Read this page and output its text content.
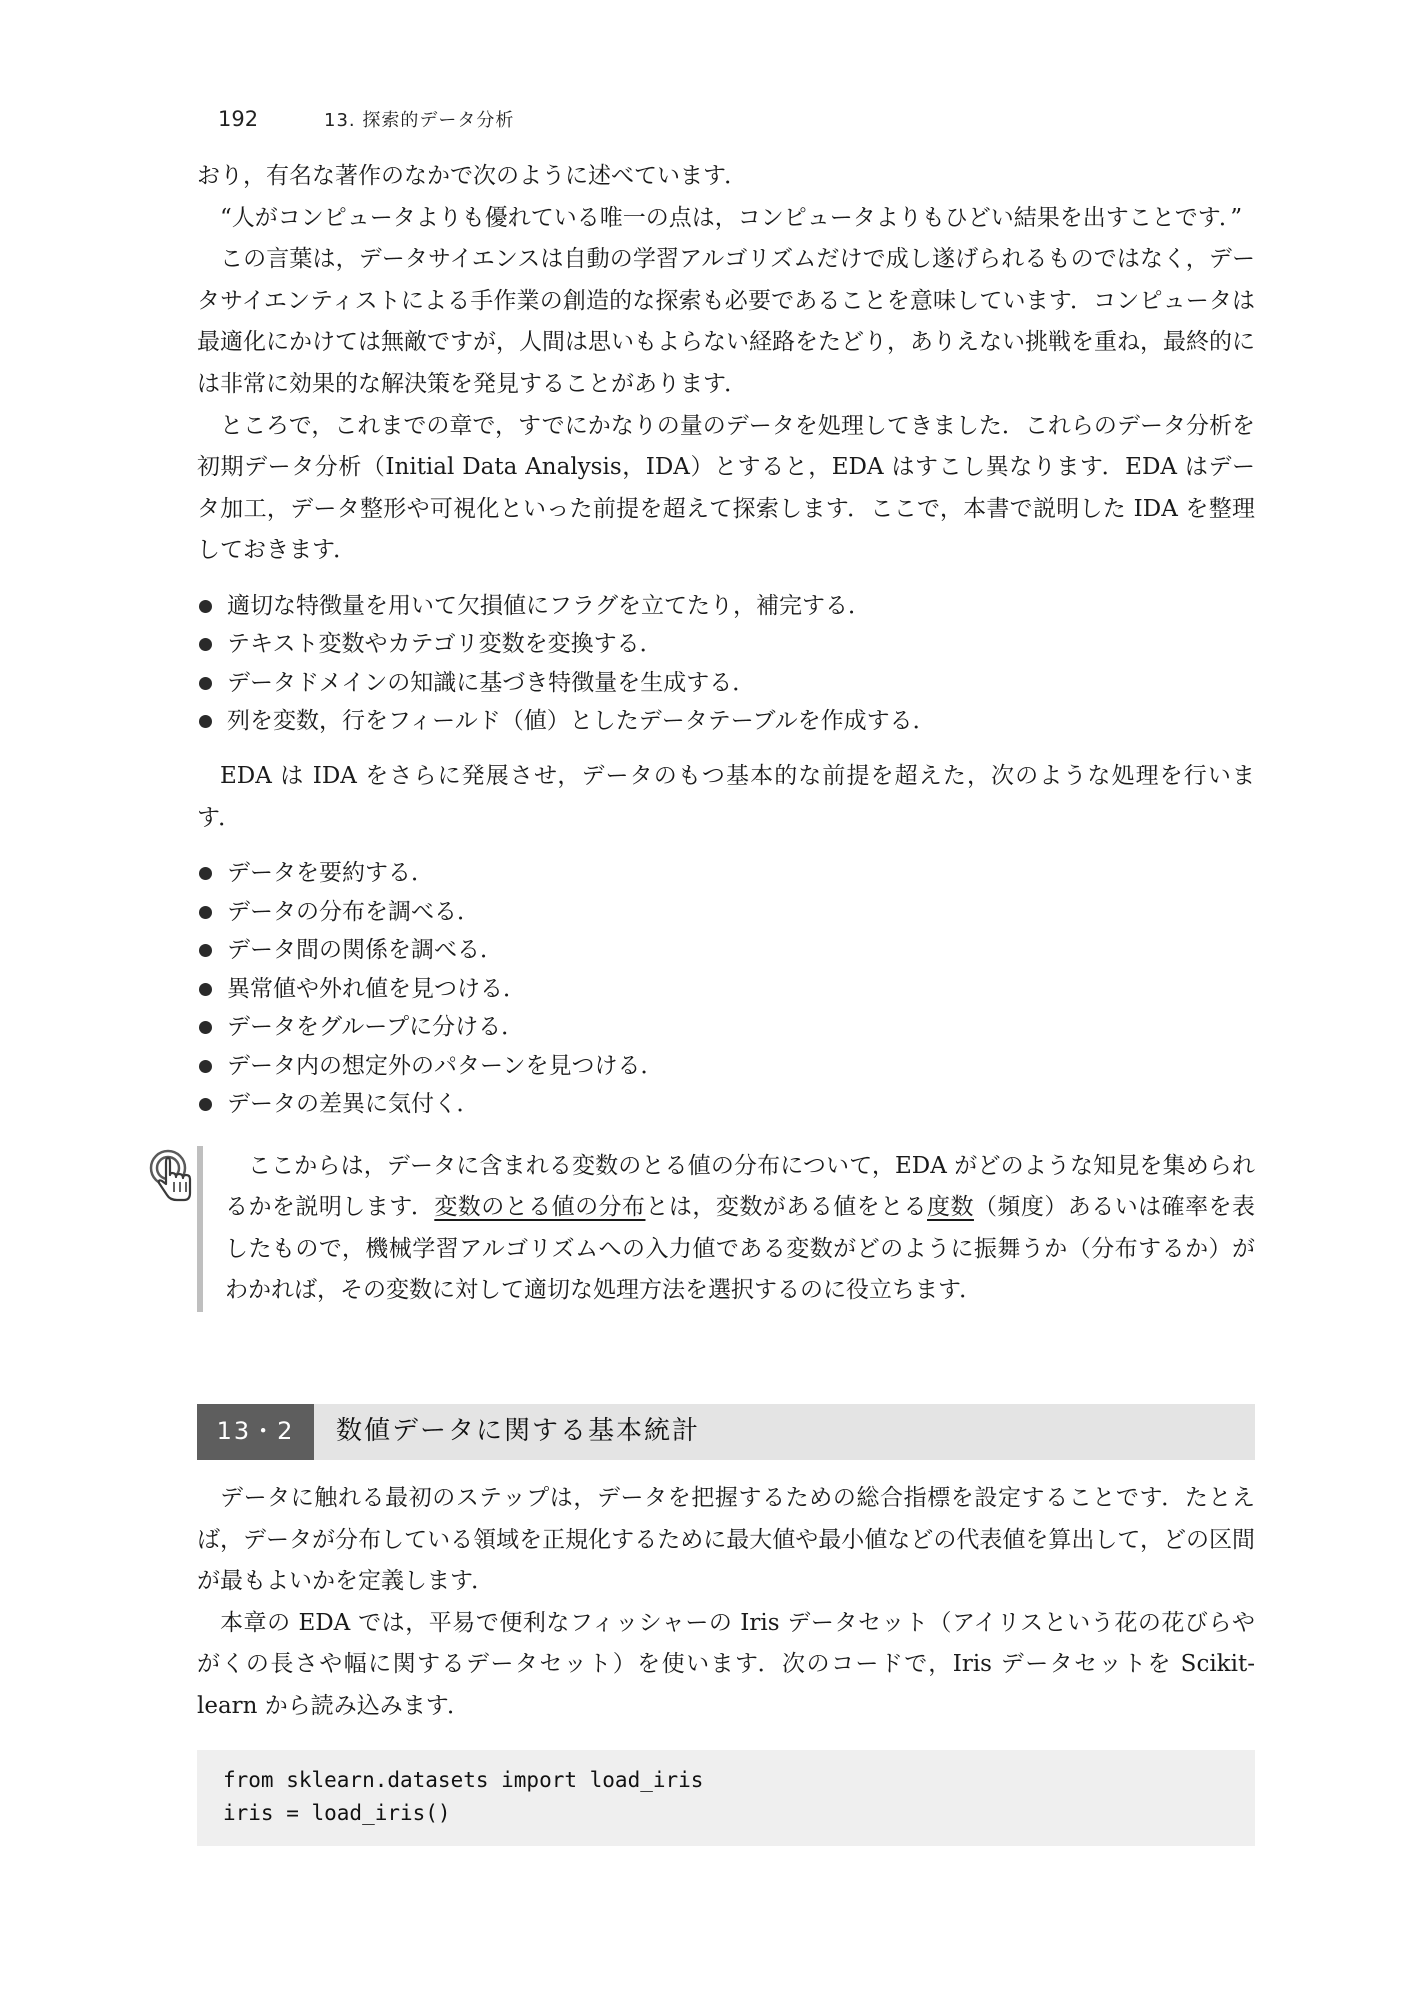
192	13. 探索的データ分析

おり，有名な著作のなかで次のように述べています．

“人がコンピュータよりも優れている唯一の点は，コンピュータよりもひどい結果を出すことです．”

この言葉は，データサイエンスは自動の学習アルゴリズムだけで成し遂げられるものではなく，データサイエンティストによる手作業の創造的な探索も必要であることを意味しています．コンピュータは最適化にかけては無敵ですが，人間は思いもよらない経路をたどり，ありえない挑戦を重ね，最終的には非常に効果的な解決策を発見することがあります．

ところで，これまでの章で，すでにかなりの量のデータを処理してきました．これらのデータ分析を初期データ分析（Initial Data Analysis，IDA）とすると，EDA はすこし異なります．EDA はデータ加工，データ整形や可視化といった前提を超えて探索します．ここで，本書で説明した IDA を整理しておきます．

適切な特徴量を用いて欠損値にフラグを立てたり，補完する．
テキスト変数やカテゴリ変数を変換する．
データドメインの知識に基づき特徴量を生成する．
列を変数，行をフィールド（値）としたデータテーブルを作成する．

EDA は IDA をさらに発展させ，データのもつ基本的な前提を超えた，次のような処理を行います．

データを要約する．
データの分布を調べる．
データ間の関係を調べる．
異常値や外れ値を見つける．
データをグループに分ける．
データ内の想定外のパターンを見つける．
データの差異に気付く．

ここからは，データに含まれる変数のとる値の分布について，EDA がどのような知見を集められるかを説明します．変数のとる値の分布とは，変数がある値をとる度数（頻度）あるいは確率を表したもので，機械学習アルゴリズムへの入力値である変数がどのように振舞うか（分布するか）がわかれば，その変数に対して適切な処理方法を選択するのに役立ちます．

13・2	数値データに関する基本統計

データに触れる最初のステップは，データを把握するための総合指標を設定することです．たとえば，データが分布している領域を正規化するために最大値や最小値などの代表値を算出して，どの区間が最もよいかを定義します．

本章の EDA では，平易で便利なフィッシャーの Iris データセット（アイリスという花の花びらやがくの長さや幅に関するデータセット）を使います．次のコードで，Iris データセットを Scikit-learn から読み込みます．

from sklearn.datasets import load_iris
iris = load_iris()
